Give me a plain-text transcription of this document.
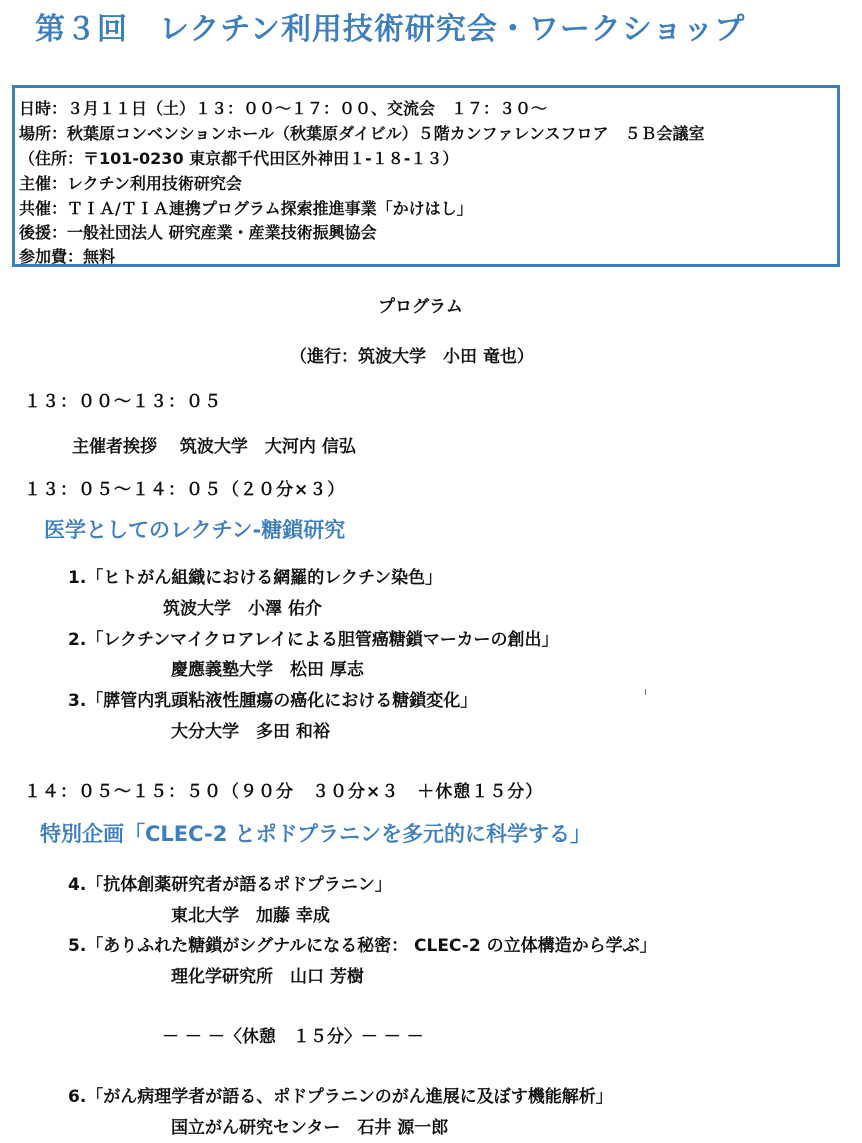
第３回　レクチン利用技術研究会・ワークショップ
日時：３月１１日（土）１３：００〜１７：００、交流会　１７：３０〜
場所：秋葉原コンベンションホール（秋葉原ダイビル）５階カンファレンスフロア　５Ｂ会議室
（住所：〒101-0230 東京都千代田区外神田１-１８-１３）
主催：レクチン利用技術研究会
共催：ＴＩＡ/ＴＩＡ連携プログラム探索推進事業「かけはし」
後援：一般社団法人 研究産業・産業技術振興協会
参加費：無料
プログラム
（進行：筑波大学　小田 竜也）
１３：００〜１３：０５
主催者挨拶　 筑波大学　大河内 信弘
１３：０５〜１４：０５（２０分×３）
医学としてのレクチン-糖鎖研究
1.「ヒトがん組織における網羅的レクチン染色」
筑波大学　小澤 佑介
2.「レクチンマイクロアレイによる胆管癌糖鎖マーカーの創出」
慶應義塾大学　松田 厚志
3.「膵管内乳頭粘液性腫瘍の癌化における糖鎖変化」
大分大学　多田 和裕
１４：０５〜１５：５０（９０分　３０分×３　＋休憩１５分）
特別企画「CLEC-2 とポドプラニンを多元的に科学する」
4.「抗体創薬研究者が語るポドプラニン」
東北大学　加藤 幸成
5.「ありふれた糖鎖がシグナルになる秘密： CLEC-2 の立体構造から学ぶ」
理化学研究所　山口 芳樹
－ － －〈休憩　１５分〉－ － －
6.「がん病理学者が語る、ポドプラニンのがん進展に及ぼす機能解析」
国立がん研究センター　石井 源一郎
